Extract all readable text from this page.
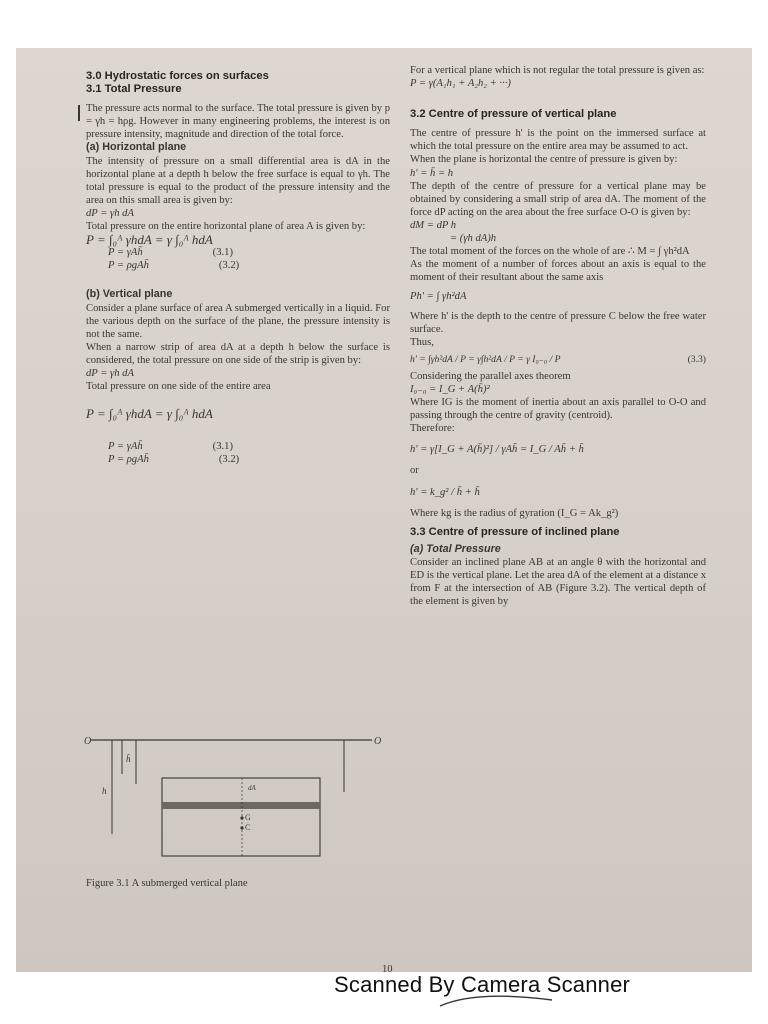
3.0 Hydrostatic forces on surfaces

3.1 Total Pressure

The pressure acts normal to the surface. The total pressure is given by p = γh = hρg. However in many engineering problems, the interest is on pressure intensity, magnitude and direction of the total force.

(a) Horizontal plane

The intensity of pressure on a small differential area is dA in the horizontal plane at a depth h below the free surface is equal to γh. The total pressure is equal to the product of the pressure intensity and the area on this small area is given by:

dP = γh dA

Total pressure on the entire horizontal plane of area A is given by:

P = ∫₀ᴬ γhdA = γ ∫₀ᴬ hdA

P = γAh̄	(3.1)
P = ρgAh̄	(3.2)

(b) Vertical plane

Consider a plane surface of area A submerged vertically in a liquid. For the various depth on the surface of the plane, the pressure intensity is not the same.

When a narrow strip of area dA at a depth h below the surface is considered, the total pressure on one side of the strip is given by:

dP = γh dA

Total pressure on one side of the entire area

P = ∫₀ᴬ γhdA = γ ∫₀ᴬ hdA

P = γAh̄	(3.1)
P = ρgAh̄	(3.2)
O	O
h̄
h	dA
G
C
Figure 3.1 A submerged vertical plane

For a vertical plane which is not regular the total pressure is given as:

P = γ(A₁h₁ + A₂h₂ + ···)

3.2 Centre of pressure of vertical plane

The centre of pressure h' is the point on the immersed surface at which the total pressure on the entire area may be assumed to act.

When the plane is horizontal the centre of pressure is given by:

h' = h̄ = h

The depth of the centre of pressure for a vertical plane may be obtained by considering a small strip of area dA. The moment of the force dP acting on the area about the free surface O-O is given by:

dM = dP h

= (γh dA)h

The total moment of the forces on the whole of are ∴ M = ∫ γh²dA

As the moment of a number of forces about an axis is equal to the moment of their resultant about the same axis

Ph' = ∫ γh²dA

Where h' is the depth to the centre of pressure C below the free water surface.

Thus,

h' = ∫γh²dA / P = γ∫h²dA / P = γ I₀₋₀ / P	(3.3)

Considering the parallel axes theorem

I₀₋₀ = I_G + A(h̄)²

Where IG is the moment of inertia about an axis parallel to O-O and passing through the centre of gravity (centroid).

Therefore:

h' = γ[I_G + A(h̄)²] / γAh̄ = I_G / Ah̄ + h̄

or

h' = k_g² / h̄ + h̄

Where kg is the radius of gyration (I_G = Ak_g²)

3.3 Centre of pressure of inclined plane

(a) Total Pressure

Consider an inclined plane AB at an angle θ with the horizontal and ED is the vertical plane. Let the area dA of the element at a distance x from F at the intersection of AB (Figure 3.2). The vertical depth of the element is given by

10
Scanned By Camera Scanner
